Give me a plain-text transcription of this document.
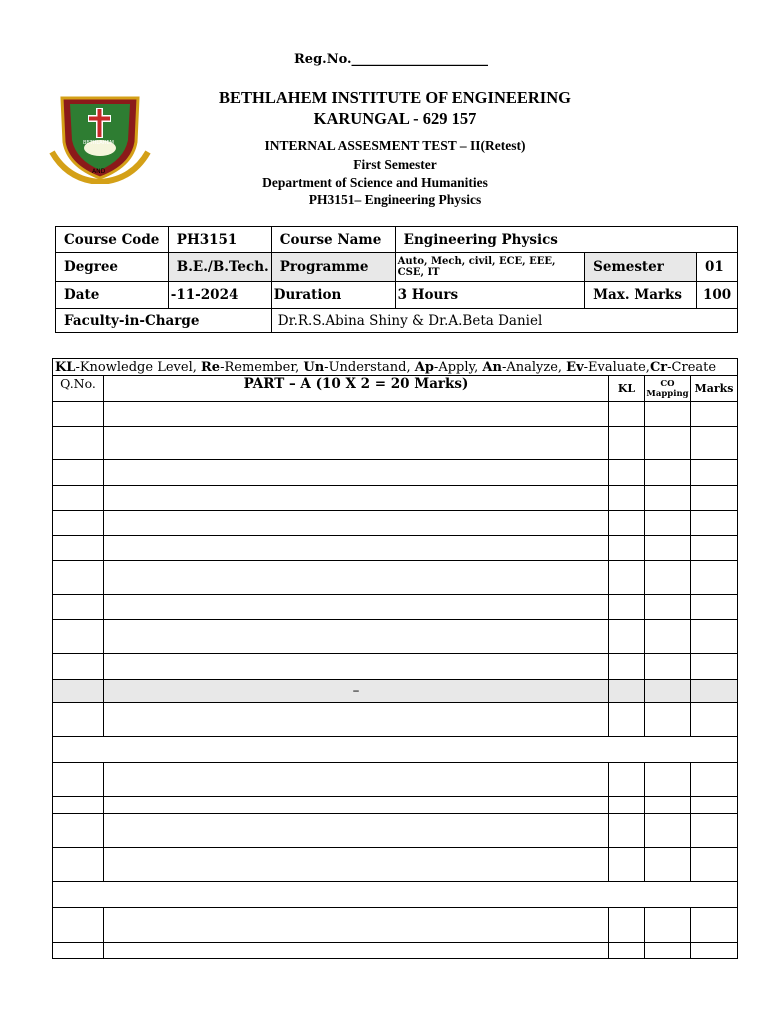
Reg.No._____________________
AND
BETHLAHEM
BETHLAHEM INSTITUTE OF ENGINEERING
KARUNGAL - 629 157
INTERNAL ASSESMENT TEST – II(Retest)
First Semester
Department of Science and Humanities
PH3151– Engineering Physics
Course Code	PH3151	Course Name	Engineering Physics		
Degree	B.E./B.Tech.	Programme	Auto, Mech, civil, ECE, EEE, CSE, IT	Semester	01
Date	-11-2024	Duration	3 Hours	Max. Marks	100
Faculty-in-Charge		Dr.R.S.Abina Shiny & Dr.A.Beta Daniel			
KL-Knowledge Level, Re-Remember, Un-Understand, Ap-Apply, An-Analyze, Ev-Evaluate,Cr-Create				
Q.No.	PART – A (10 X 2 = 20 Marks)	KL	CO Mapping	Marks

	–			
